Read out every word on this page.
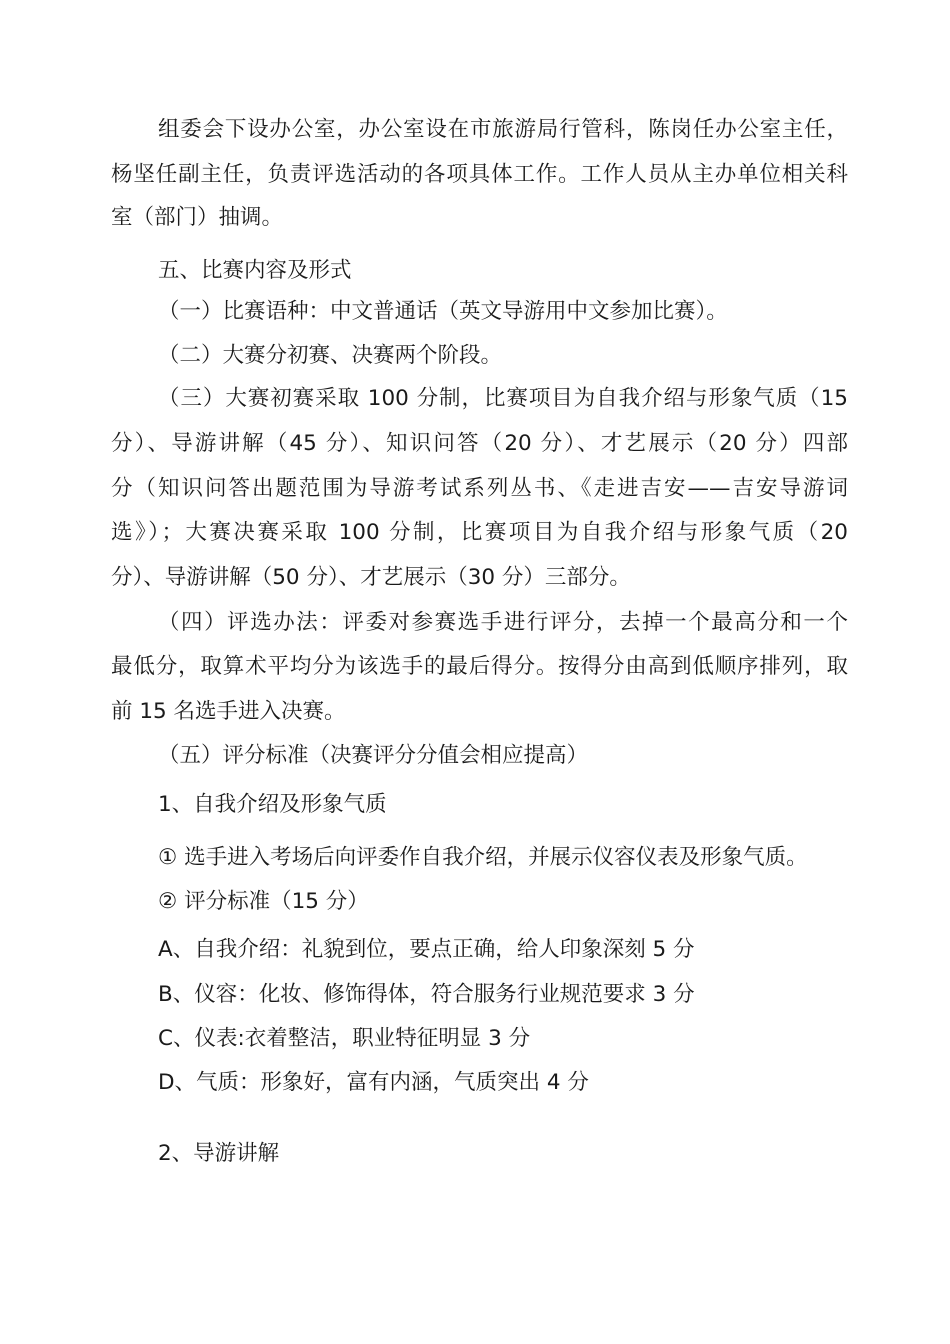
组委会下设办公室，办公室设在市旅游局行管科，陈岗任办公室主任，
杨坚任副主任，负责评选活动的各项具体工作。工作人员从主办单位相关科
室（部门）抽调。
五、比赛内容及形式
（一）比赛语种：中文普通话（英文导游用中文参加比赛）。
（二）大赛分初赛、决赛两个阶段。
（三）大赛初赛采取 100 分制，比赛项目为自我介绍与形象气质（15
分）、导游讲解（45 分）、知识问答（20 分）、才艺展示（20 分）四部
分（知识问答出题范围为导游考试系列丛书、《走进吉安——吉安导游词
选》）；大赛决赛采取 100 分制，比赛项目为自我介绍与形象气质（20
分）、导游讲解（50 分）、才艺展示（30 分）三部分。
（四）评选办法：评委对参赛选手进行评分，去掉一个最高分和一个
最低分，取算术平均分为该选手的最后得分。按得分由高到低顺序排列，取
前 15 名选手进入决赛。
（五）评分标准（决赛评分分值会相应提高）
1、自我介绍及形象气质
① 选手进入考场后向评委作自我介绍，并展示仪容仪表及形象气质。
② 评分标准（15 分）
A、自我介绍：礼貌到位，要点正确，给人印象深刻 5 分
B、仪容：化妆、修饰得体，符合服务行业规范要求 3 分
C、仪表:衣着整洁，职业特征明显 3 分
D、气质：形象好，富有内涵，气质突出 4 分
2、导游讲解
